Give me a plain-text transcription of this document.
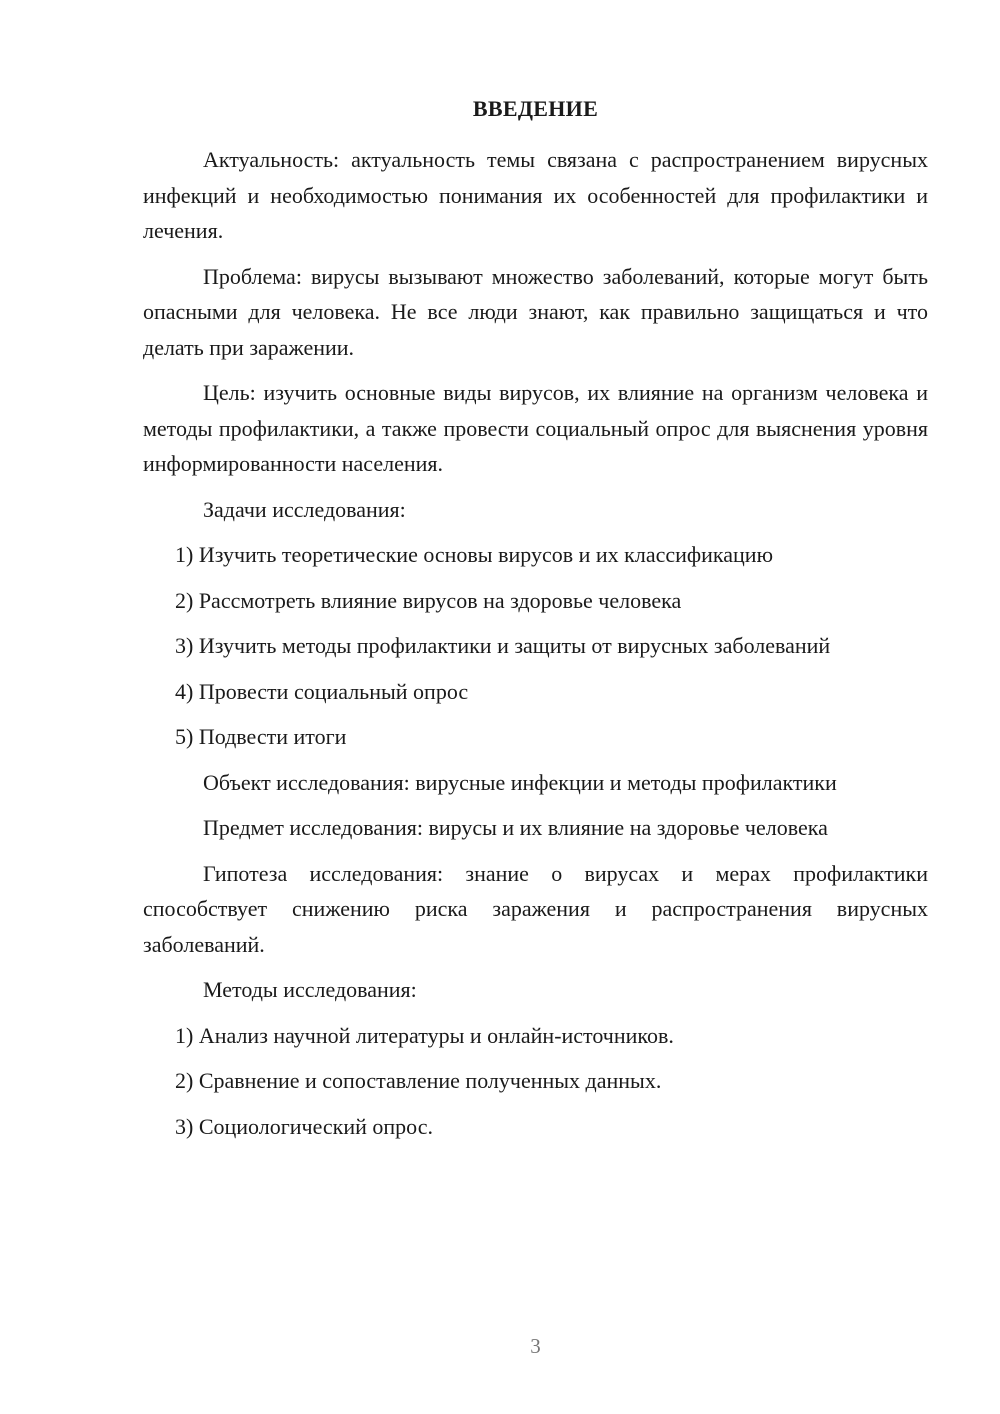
ВВЕДЕНИЕ

Актуальность: актуальность темы связана с распространением вирусных инфекций и необходимостью понимания их особенностей для профилактики и лечения.

Проблема: вирусы вызывают множество заболеваний, которые могут быть опасными для человека. Не все люди знают, как правильно защищаться и что делать при заражении.

Цель: изучить основные виды вирусов, их влияние на организм человека и методы профилактики, а также провести социальный опрос для выяснения уровня информированности населения.

Задачи исследования:

1) Изучить теоретические основы вирусов и их классификацию

2) Рассмотреть влияние вирусов на здоровье человека

3) Изучить методы профилактики и защиты от вирусных заболеваний

4) Провести социальный опрос

5) Подвести итоги

Объект исследования: вирусные инфекции и методы профилактики

Предмет исследования: вирусы и их влияние на здоровье человека

Гипотеза исследования: знание о вирусах и мерах профилактики способствует снижению риска заражения и распространения вирусных заболеваний.

Методы исследования:

1) Анализ научной литературы и онлайн-источников.

2) Сравнение и сопоставление полученных данных.

3) Социологический опрос.

3
